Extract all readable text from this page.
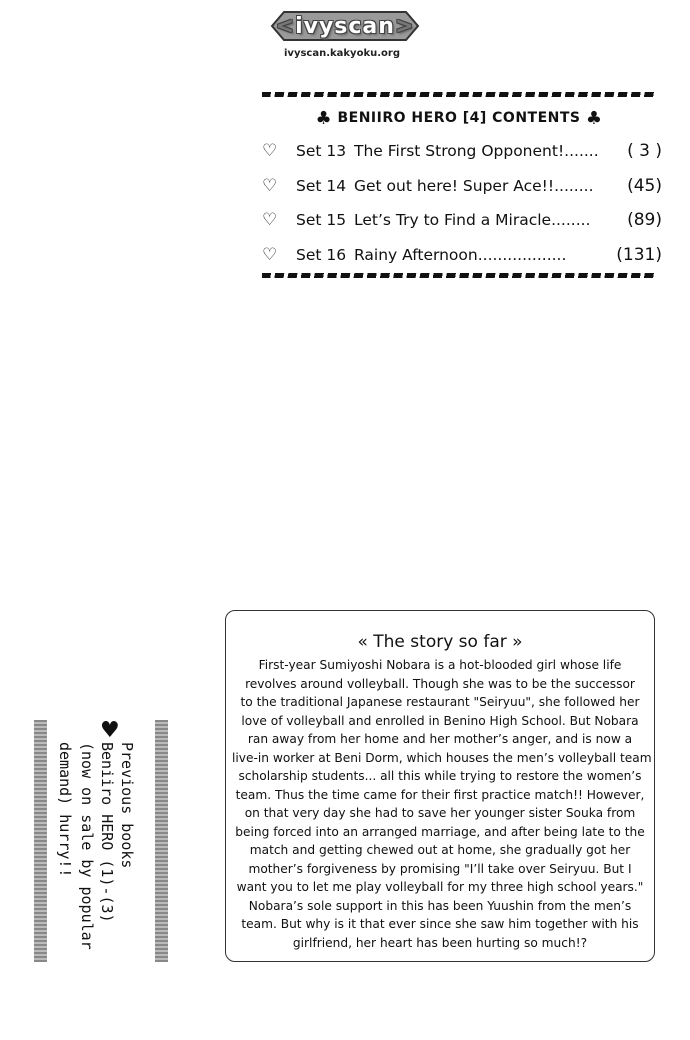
< ivyscan >
ivyscan.kakyoku.org
♣ BENIIRO HERO [4] CONTENTS ♣
♡	Set 13 The First Strong Opponent!.......	( 3 )
♡	Set 14 Get out here! Super Ace!!........	(45)
♡	Set 15 Let’s Try to Find a Miracle........	(89)
♡	Set 16 Rainy Afternoon..................	(131)
♥
Previous books
Beniiro HERO (1)-(3)
(now on sale by popular
demand) hurry!!
« The story so far »
First-year Sumiyoshi Nobara is a hot-blooded girl whose life
revolves around volleyball. Though she was to be the successor
to the traditional Japanese restaurant "Seiryuu", she followed her
love of volleyball and enrolled in Benino High School. But Nobara
ran away from her home and her mother’s anger, and is now a
live-in worker at Beni Dorm, which houses the men’s volleyball team
scholarship students... all this while trying to restore the women’s
team. Thus the time came for their first practice match!! However,
on that very day she had to save her younger sister Souka from
being forced into an arranged marriage, and after being late to the
match and getting chewed out at home, she gradually got her
mother’s forgiveness by promising "I’ll take over Seiryuu. But I
want you to let me play volleyball for my three high school years."
Nobara’s sole support in this has been Yuushin from the men’s
team. But why is it that ever since she saw him together with his
girlfriend, her heart has been hurting so much!?
